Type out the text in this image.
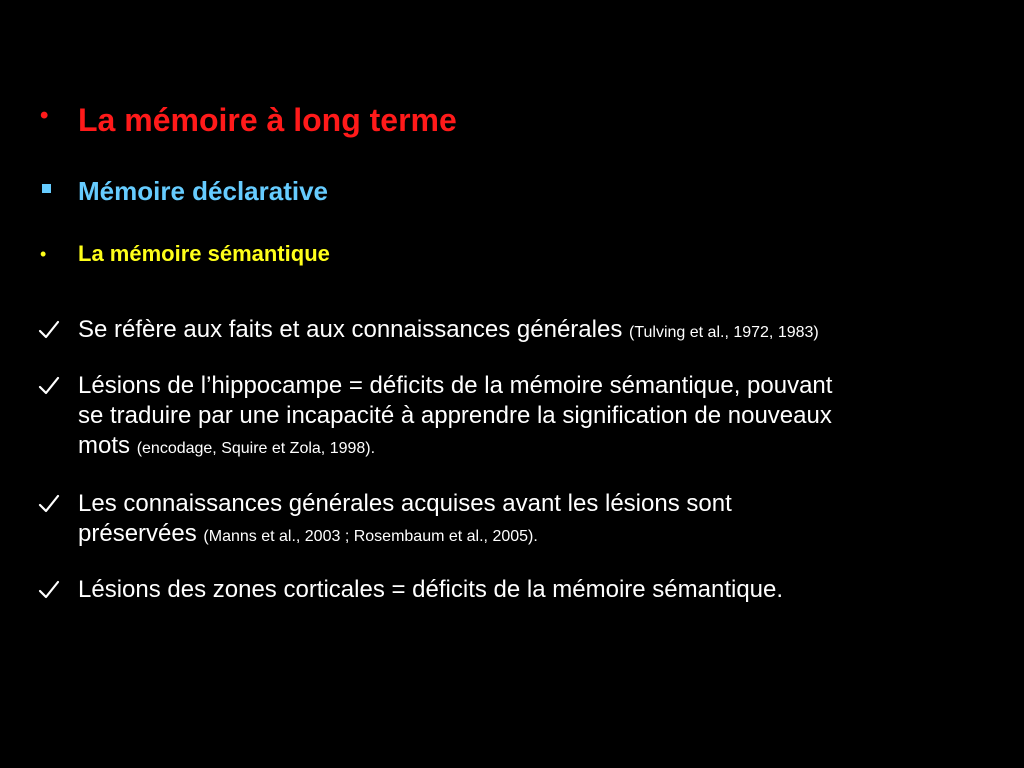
• La mémoire à long terme
Mémoire déclarative
• La mémoire sémantique
Se réfère aux faits et aux connaissances générales (Tulving et al., 1972, 1983)
Lésions de l’hippocampe = déficits de la mémoire sémantique, pouvant
se traduire par une incapacité à apprendre la signification de nouveaux
mots (encodage, Squire et Zola, 1998).
Les connaissances générales acquises avant les lésions sont
préservées (Manns et al., 2003 ; Rosembaum et al., 2005).
Lésions des zones corticales = déficits de la mémoire sémantique.
